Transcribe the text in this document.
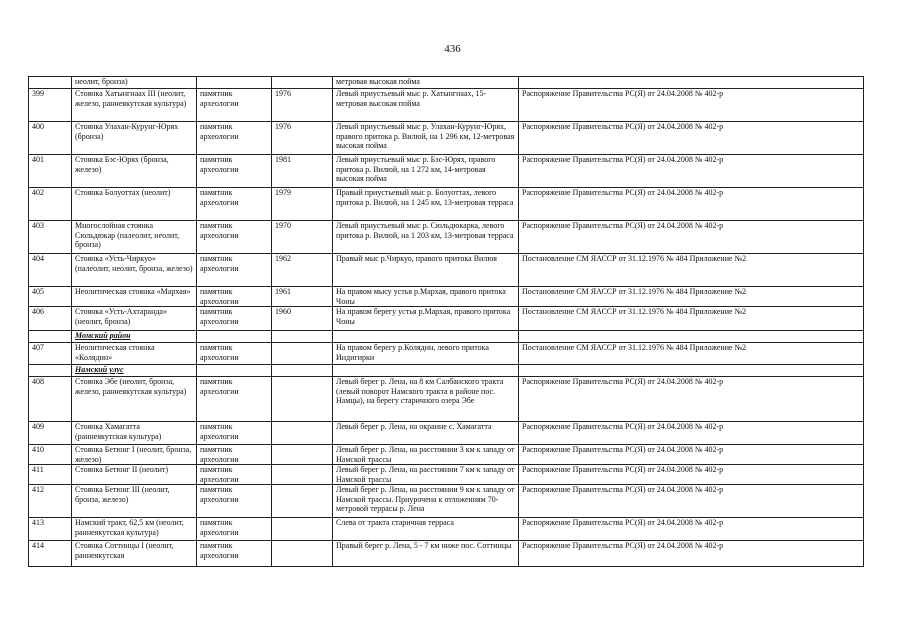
436
	неолит, бронза)			метровая высокая пойма	
399	Стоянка Хатынгнаах III (неолит, железо, раннеякутская культура)	памятник археологии	1976	Левый приустьевый мыс р. Хатынгнаах, 15-метровая высокая пойма	Распоряжение Правительства РС(Я) от 24.04.2008 № 402-р
400	Стоянка Улахан-Курунг-Юрях (бронза)	памятник археологии	1976	Левый приустьевый мыс р. Улахан-Курунг-Юрях, правого притока р. Вилюй, на 1 296 км, 12-метровая высокая пойма	Распоряжение Правительства РС(Я) от 24.04.2008 № 402-р
401	Стоянка Бэс-Юрях (бронза, железо)	памятник археологии	1981	Левый приустьевый мыс р. Бэс-Юрях, правого притока р. Вилюй, на 1 272 км, 14-метровая высокая пойма	Распоряжение Правительства РС(Я) от 24.04.2008 № 402-р
402	Стоянка Болуоттах (неолит)	памятник археологии	1979	Правый приустьевый мыс р. Болуоттах, левого притока р. Вилюй, на 1 245 км, 13-метровая терраса	Распоряжение Правительства РС(Я) от 24.04.2008 № 402-р
403	Многослойная стоянка Сюльдюкар (палеолит, неолит, бронза)	памятник археологии	1970	Левый приустьевый мыс р. Сюльдюкарка, левого притока р. Вилюй, на 1 203 км, 13-метровая терраса	Распоряжение Правительства РС(Я) от 24.04.2008 № 402-р
404	Стоянка «Усть-Чиркуо» (палеолит, неолит, бронза, железо)	памятник археологии	1962	Правый мыс р.Чиркуо, правого притока Вилюя	Постановление СМ ЯАССР от 31.12.1976 № 484 Приложение №2
405	Неолитическая стоянка «Мархая»	памятник археологии	1961	На правом мысу устья р.Мархая, правого притока Чоны	Постановление СМ ЯАССР от 31.12.1976 № 484 Приложение №2
406	Стоянка «Усть-Ахтаранда» (неолит, бронза)	памятник археологии	1960	На правом берегу устья р.Мархая, правого притока Чоны	Постановление СМ ЯАССР от 31.12.1976 № 484 Приложение №2
	Момский район				
407	Неолитическая стоянка «Колядин»	памятник археологии		На правом берегу р.Колядин, левого притока Индигирки	Постановление СМ ЯАССР от 31.12.1976 № 484 Приложение №2
	Намский улус				
408	Стоянка Эбе (неолит, бронза, железо, раннеякутская культура)	памятник археологии		Левый берег р. Лена, на 8 км Салбанского тракта (левый поворот Намского тракта в районе пос. Намцы), на берегу старичного озера Эбе	Распоряжение Правительства РС(Я) от 24.04.2008 № 402-р
409	Стоянка Хамагатта (раннеякутская культура)	памятник археологии		Левый берег р. Лена, на окраине с. Хамагатта	Распоряжение Правительства РС(Я) от 24.04.2008 № 402-р
410	Стоянка Бетюнг I (неолит, бронза, железо)	памятник археологии		Левый берег р. Лена, на расстоянии 3 км к западу от Намской трассы	Распоряжение Правительства РС(Я) от 24.04.2008 № 402-р
411	Стоянка Бетюнг II (неолит)	памятник археологии		Левый берег р. Лена, на расстоянии 7 км к западу от Намской трассы	Распоряжение Правительства РС(Я) от 24.04.2008 № 402-р
412	Стоянка Бетюнг III (неолит, бронза, железо)	памятник археологии		Левый берег р. Лена, на расстоянии 9 км к западу от Намской трассы. Приурочена к отложениям 70-метровой террасы р. Лена	Распоряжение Правительства РС(Я) от 24.04.2008 № 402-р
413	Намский тракт, 62,5 км (неолит, раннеякутская культура)	памятник археологии		Слева от тракта старичная терраса	Распоряжение Правительства РС(Я) от 24.04.2008 № 402-р
414	Стоянка Соттинцы I (неолит, раннеякутская	памятник археологии		Правый берег р. Лена, 5 - 7 км ниже пос. Соттинцы	Распоряжение Правительства РС(Я) от 24.04.2008 № 402-р
